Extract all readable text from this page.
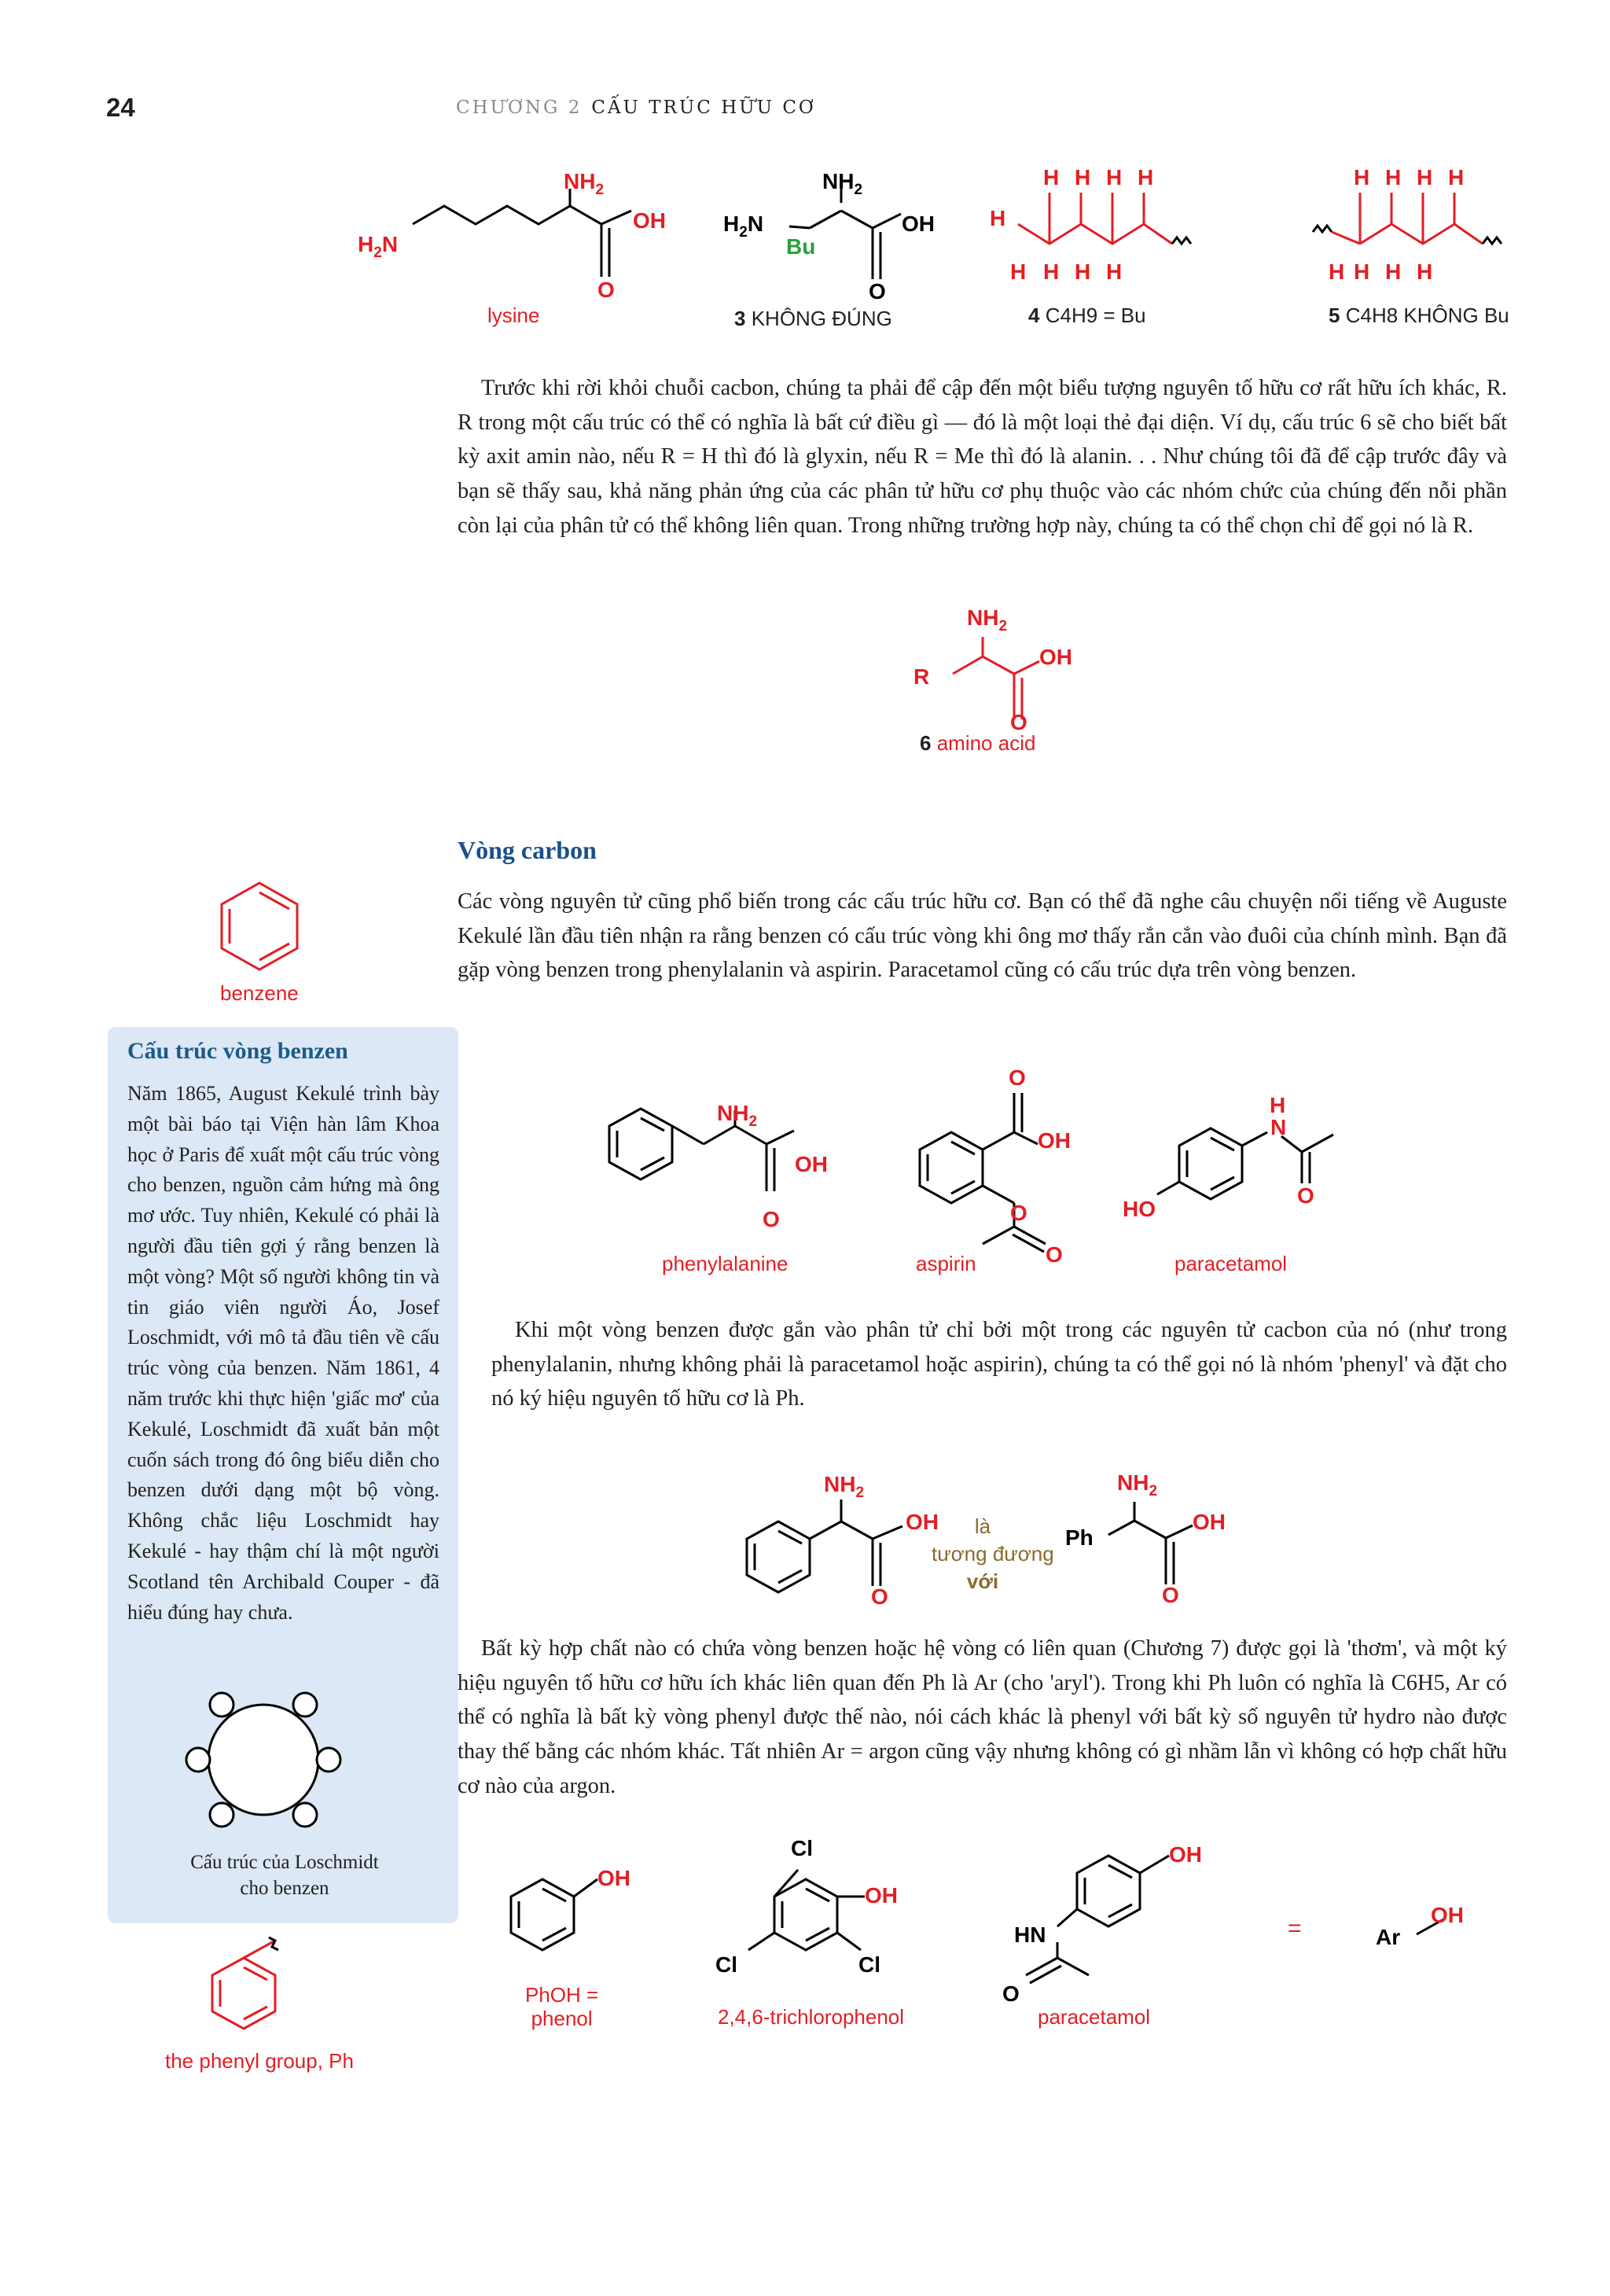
24	CHƯƠNG 2 CẤU TRÚC HỮU CƠ
$H_2N$
$NH_2$
OH
O
lysine
$NH_2$
$H_2N$
Bu
OH
O
3 KHÔNG ĐÚNG
H
H H H H
H H H H
4 C4H9 = Bu
H H H H
H H H H
5 C4H8 KHÔNG Bu

Trước khi rời khỏi chuỗi cacbon, chúng ta phải để cập đến một biểu tượng nguyên tố hữu cơ rất hữu ích khác, R. R trong một cấu trúc có thể có nghĩa là bất cứ điều gì — đó là một loại thẻ đại diện. Ví dụ, cấu trúc 6 sẽ cho biết bất kỳ axit amin nào, nếu R = H thì đó là glyxin, nếu R = Me thì đó là alanin. . . Như chúng tôi đã để cập trước đây và bạn sẽ thấy sau, khả năng phản ứng của các phân tử hữu cơ phụ thuộc vào các nhóm chức của chúng đến nỗi phần còn lại của phân tử có thể không liên quan. Trong những trường hợp này, chúng ta có thể chọn chỉ để gọi nó là R.

$NH_2$
R
OH
O
6 amino acid
Vòng carbon

Các vòng nguyên tử cũng phổ biến trong các cấu trúc hữu cơ. Bạn có thể đã nghe câu chuyện nổi tiếng về Auguste Kekulé lần đầu tiên nhận ra rằng benzen có cấu trúc vòng khi ông mơ thấy rắn cắn vào đuôi của chính mình. Bạn đã gặp vòng benzen trong phenylalanin và aspirin. Paracetamol cũng có cấu trúc dựa trên vòng benzen.

benzene
Cấu trúc vòng benzen

Năm 1865, August Kekulé trình bày một bài báo tại Viện hàn lâm Khoa học ở Paris để xuất một cấu trúc vòng cho benzen, nguồn cảm hứng mà ông mơ ước. Tuy nhiên, Kekulé có phải là người đầu tiên gợi ý rằng benzen là một vòng? Một số người không tin và tin giáo viên người Áo, Josef Loschmidt, với mô tả đầu tiên về cấu trúc vòng của benzen. Năm 1861, 4 năm trước khi thực hiện 'giấc mơ' của Kekulé, Loschmidt đã xuất bản một cuốn sách trong đó ông biểu diễn cho benzen dưới dạng một bộ vòng. Không chắc liệu Loschmidt hay Kekulé - hay thậm chí là một người Scotland tên Archibald Couper - đã hiểu đúng hay chưa.

Cấu trúc của Loschmidt
cho benzen
the phenyl group, Ph
$NH_2$
OH
O
phenylalanine
O
OH
O
O
aspirin
H
N
HO
O
paracetamol

Khi một vòng benzen được gắn vào phân tử chỉ bởi một trong các nguyên tử cacbon của nó (như trong phenylalanin, nhưng không phải là paracetamol hoặc aspirin), chúng ta có thể gọi nó là nhóm 'phenyl' và đặt cho nó ký hiệu nguyên tố hữu cơ là Ph.

$NH_2$
OH
O
là
tương đương
với
$NH_2$
Ph
OH
O

Bất kỳ hợp chất nào có chứa vòng benzen hoặc hệ vòng có liên quan (Chương 7) được gọi là 'thơm', và một ký hiệu nguyên tố hữu cơ hữu ích khác liên quan đến Ph là Ar (cho 'aryl'). Trong khi Ph luôn có nghĩa là C6H5, Ar có thể có nghĩa là bất kỳ vòng phenyl được thế nào, nói cách khác là phenyl với bất kỳ số nguyên tử hydro nào được thay thế bằng các nhóm khác. Tất nhiên Ar = argon cũng vậy nhưng không có gì nhầm lẫn vì không có hợp chất hữu cơ nào của argon.

OH
PhOH =
phenol
Cl
OH
Cl	Cl
2,4,6-trichlorophenol
OH
HN
O
paracetamol
=	Ar
OH
